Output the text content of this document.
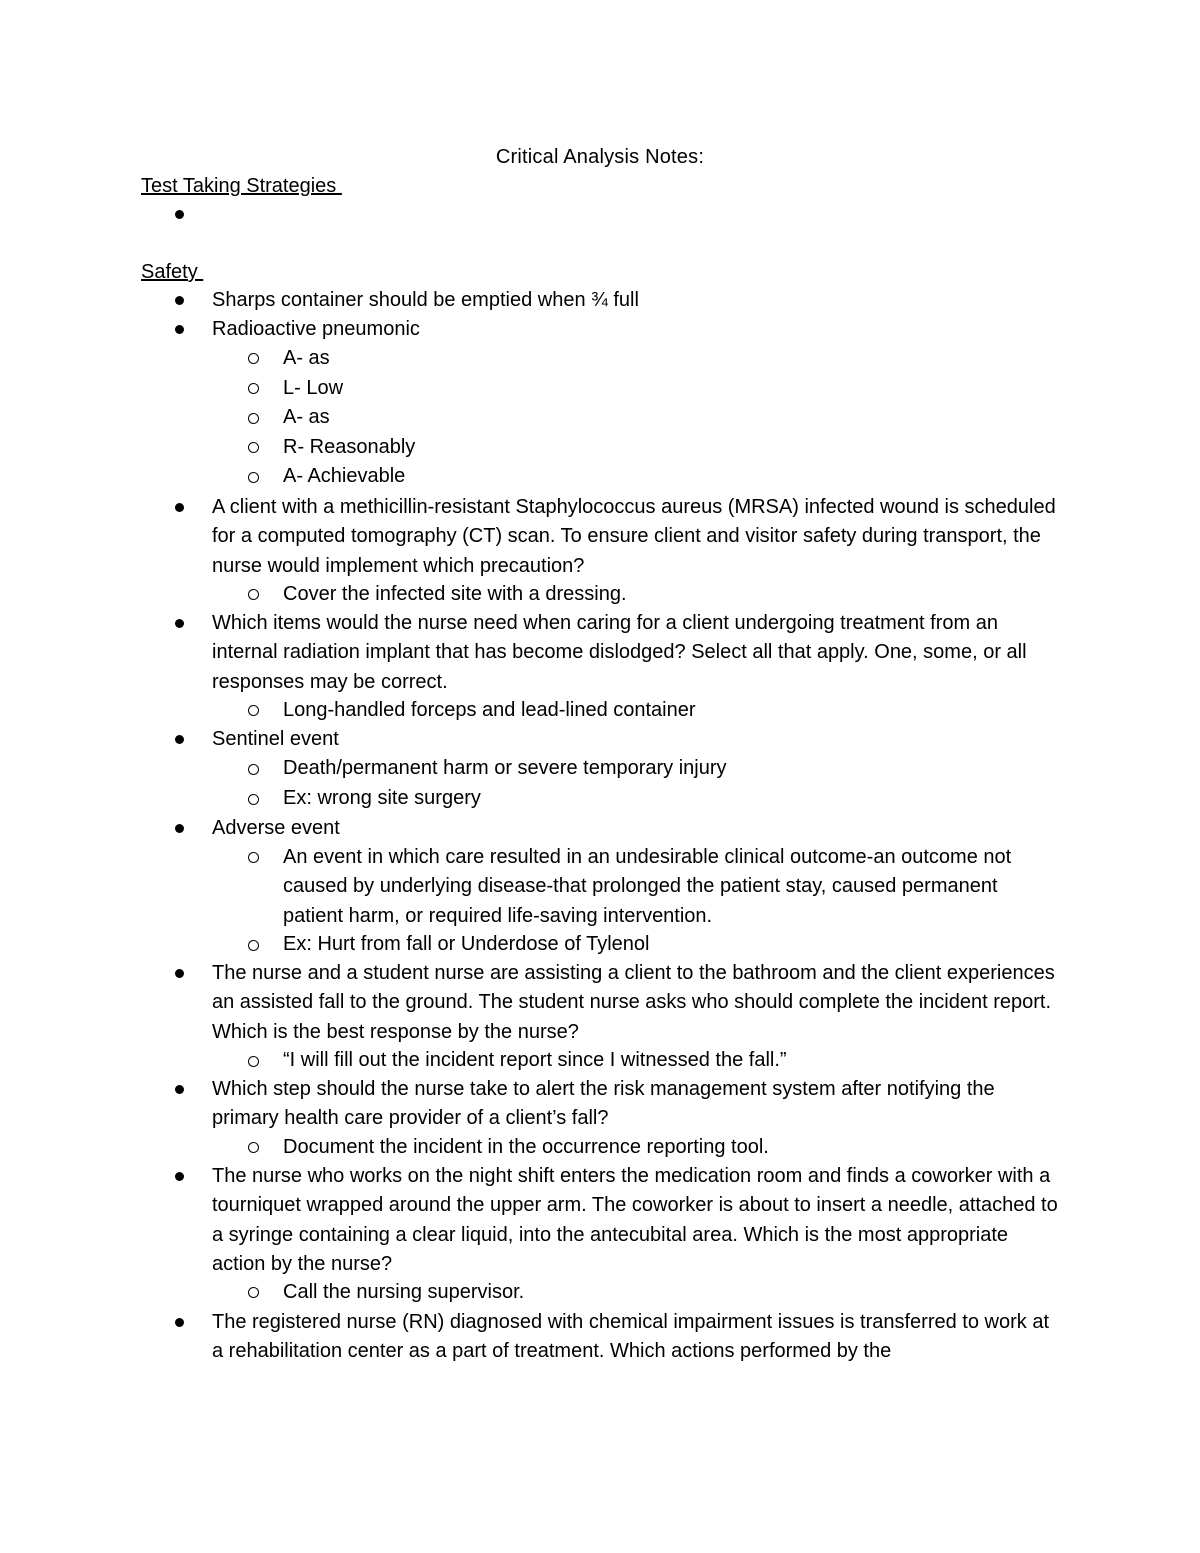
Critical Analysis Notes:
Test Taking Strategies
Safety
Sharps container should be emptied when ¾ full
Radioactive pneumonic
A- as
L- Low
A- as
R- Reasonably
A- Achievable
A client with a methicillin-resistant Staphylococcus aureus (MRSA) infected wound is scheduled for a computed tomography (CT) scan. To ensure client and visitor safety during transport, the nurse would implement which precaution?
Cover the infected site with a dressing.
Which items would the nurse need when caring for a client undergoing treatment from an internal radiation implant that has become dislodged? Select all that apply. One, some, or all responses may be correct.
Long-handled forceps and lead-lined container
Sentinel event
Death/permanent harm or severe temporary injury
Ex: wrong site surgery
Adverse event
An event in which care resulted in an undesirable clinical outcome-an outcome not caused by underlying disease-that prolonged the patient stay, caused permanent patient harm, or required life-saving intervention.
Ex: Hurt from fall or Underdose of Tylenol
The nurse and a student nurse are assisting a client to the bathroom and the client experiences an assisted fall to the ground. The student nurse asks who should complete the incident report. Which is the best response by the nurse?
“I will fill out the incident report since I witnessed the fall.”
Which step should the nurse take to alert the risk management system after notifying the primary health care provider of a client’s fall?
Document the incident in the occurrence reporting tool.
The nurse who works on the night shift enters the medication room and finds a coworker with a tourniquet wrapped around the upper arm. The coworker is about to insert a needle, attached to a syringe containing a clear liquid, into the antecubital area. Which is the most appropriate action by the nurse?
Call the nursing supervisor.
The registered nurse (RN) diagnosed with chemical impairment issues is transferred to work at a rehabilitation center as a part of treatment. Which actions performed by the
